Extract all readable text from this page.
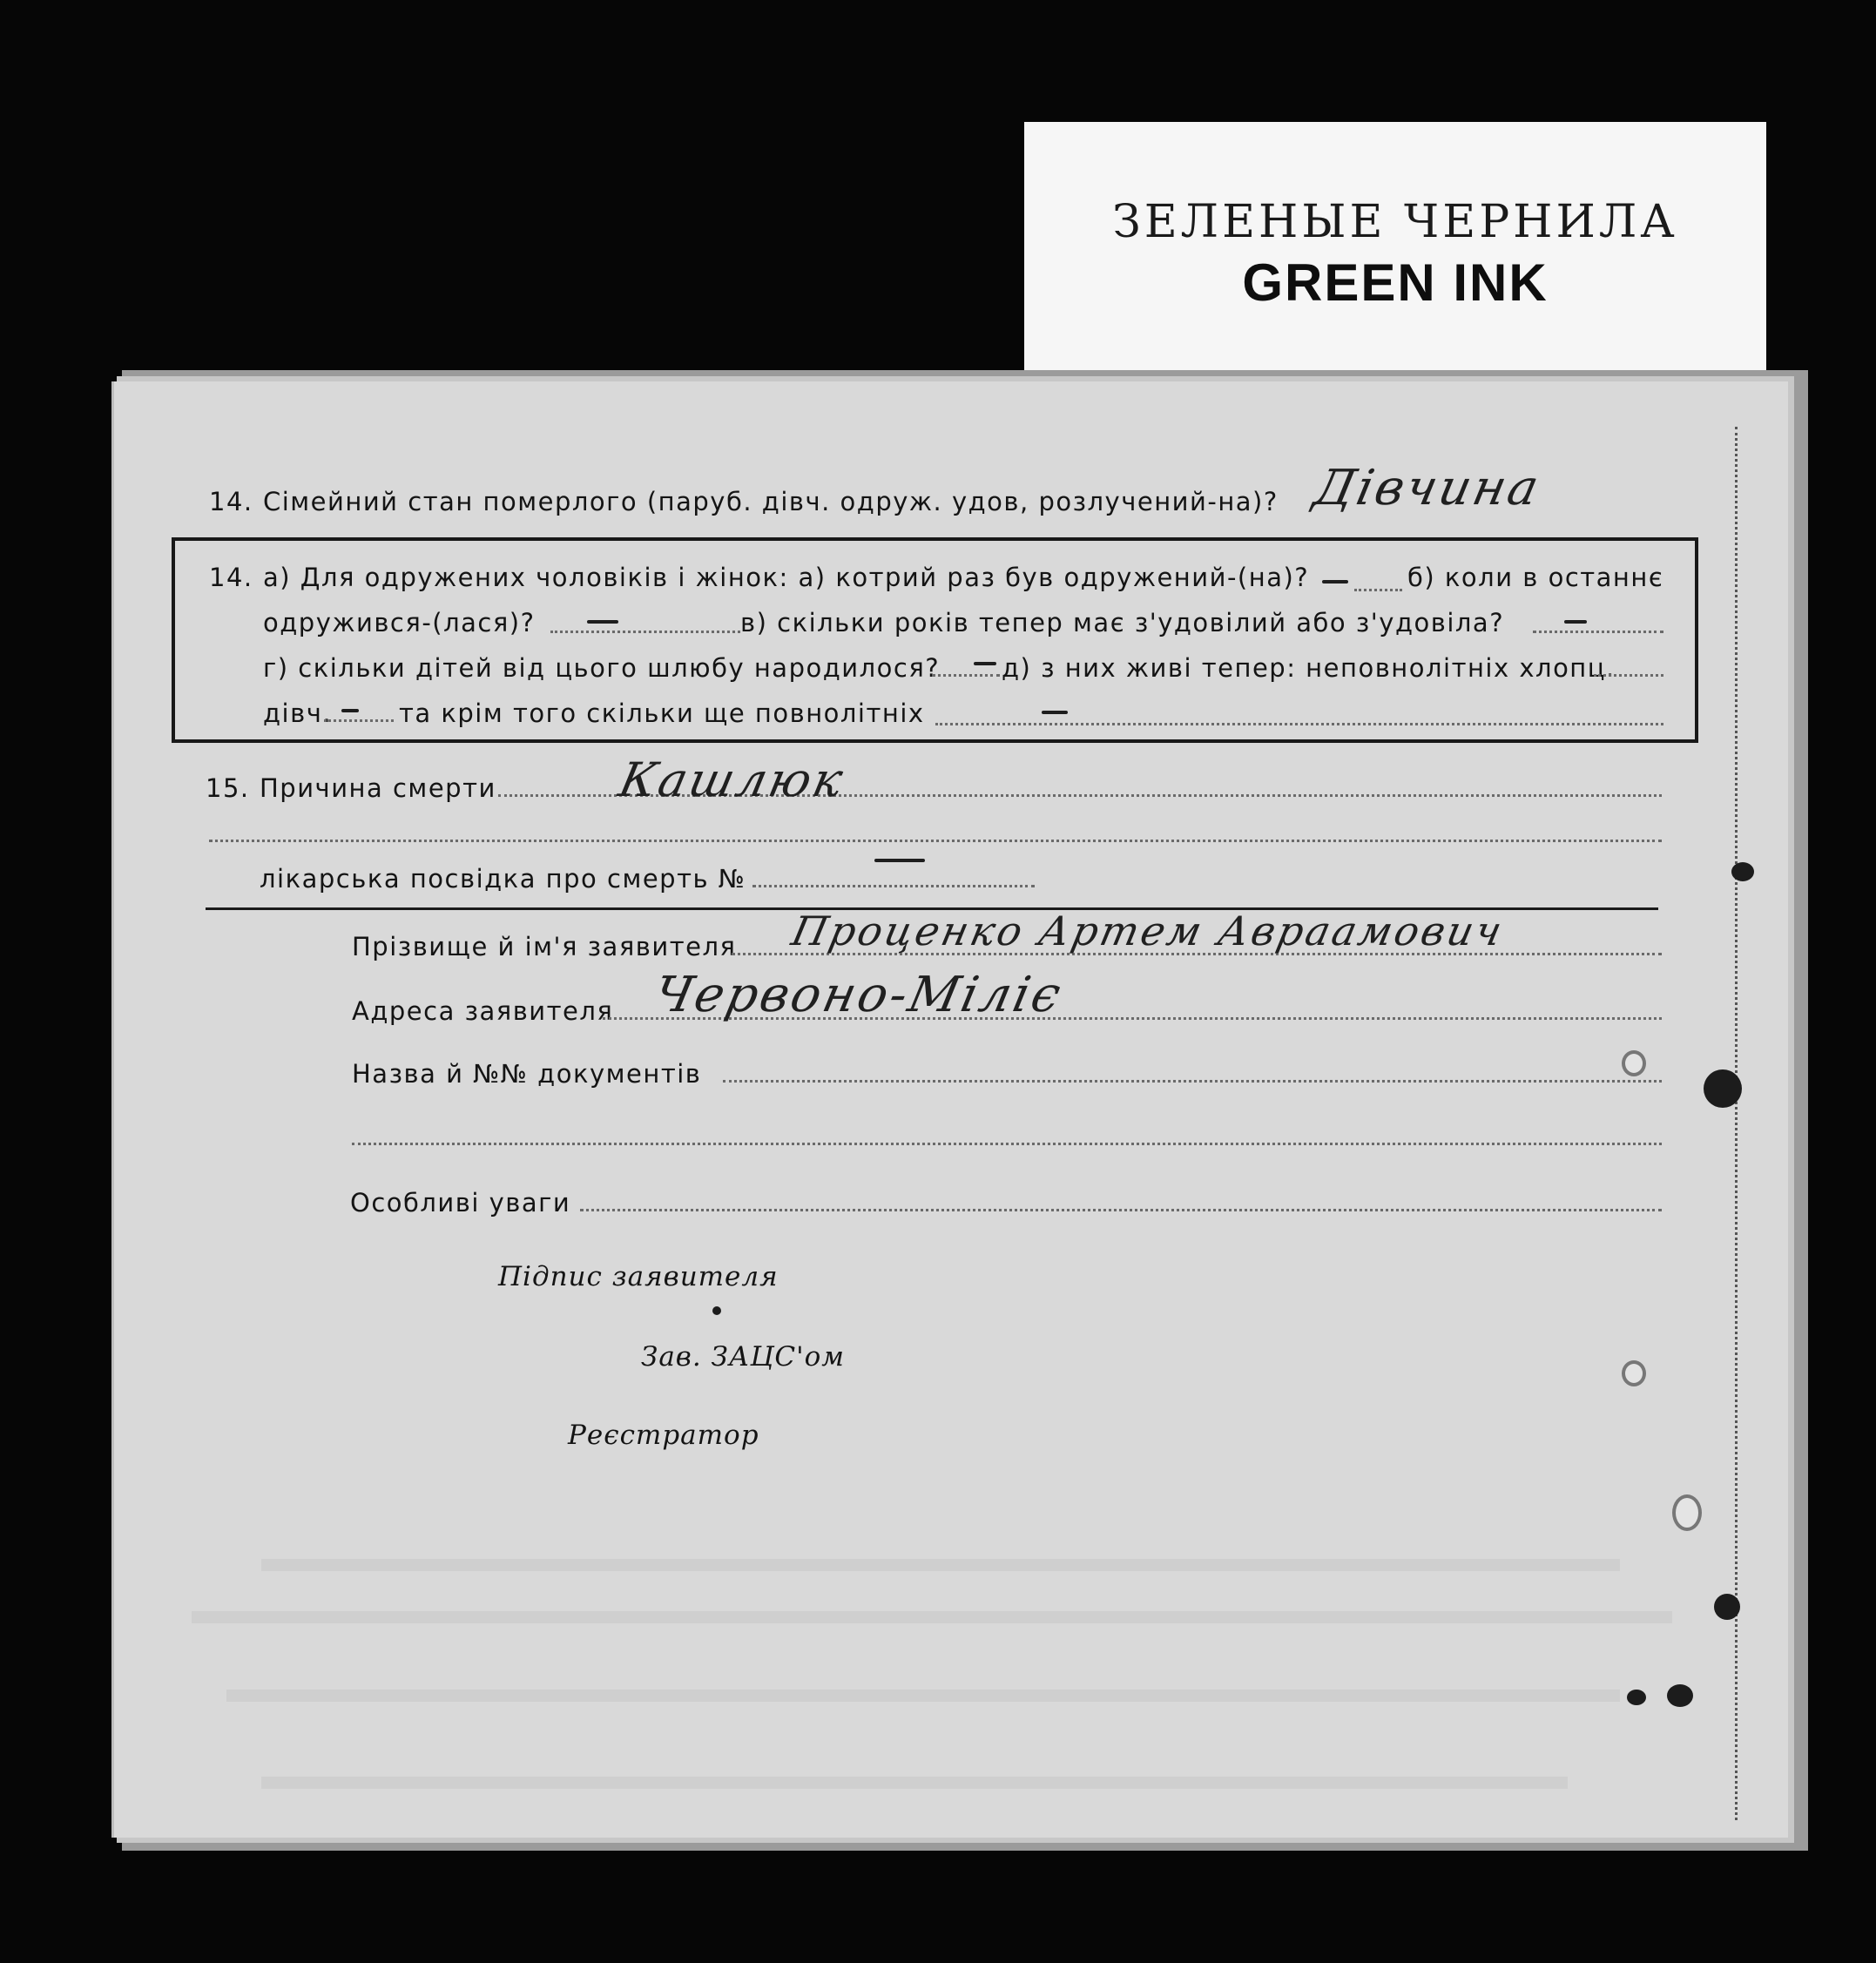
ЗЕЛЕНЫЕ ЧЕРНИЛА
GREEN INK
14. Сімейний стан померлого (паруб. дівч. одруж. удов, розлучений-на)? Дівчина
14. а) Для одружених чоловіків і жінок: а) котрий раз був одружений-(на)?	б) коли в останнє
одружився-(лася)?	в) скільки років тепер має з'удовілий або з'удовіла?
г) скільки дітей від цього шлюбу народилося? д) з них живі тепер: неповнолітніх хлопц.
дівч.	та крім того скільки ще повнолітніх
15. Причина смерти	Кашлюк
лікарська посвідка про смерть №
Прізвище й ім'я заявителя Проценко Артем Авраамович
Адреса заявителя Червоно-Міліє
Назва й №№ документів
Особливі уваги
Підпис заявителя
Зав. ЗАЦС'ом
Реєстратор
